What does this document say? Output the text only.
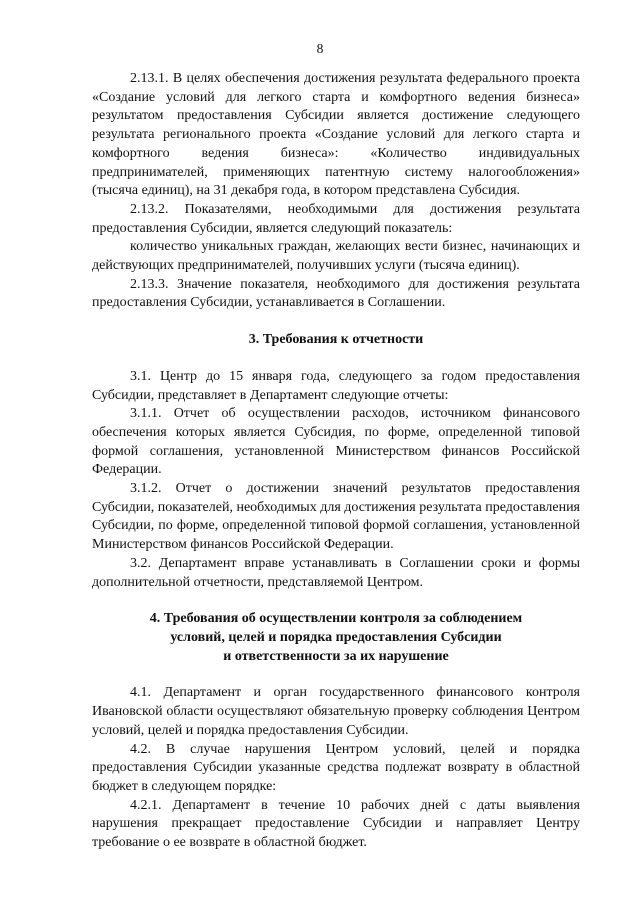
8

2.13.1. В целях обеспечения достижения результата федерального проекта «Создание условий для легкого старта и комфортного ведения бизнеса» результатом предоставления Субсидии является достижение следующего результата регионального проекта «Создание условий для легкого старта и комфортного ведения бизнеса»: «Количество индивидуальных предпринимателей, применяющих патентную систему налогообложения» (тысяча единиц), на 31 декабря года, в котором представлена Субсидия.

2.13.2. Показателями, необходимыми для достижения результата предоставления Субсидии, является следующий показатель:

количество уникальных граждан, желающих вести бизнес, начинающих и действующих предпринимателей, получивших услуги (тысяча единиц).

2.13.3. Значение показателя, необходимого для достижения результата предоставления Субсидии, устанавливается в Соглашении.

3. Требования к отчетности

3.1. Центр до 15 января года, следующего за годом предоставления Субсидии, представляет в Департамент следующие отчеты:

3.1.1. Отчет об осуществлении расходов, источником финансового обеспечения которых является Субсидия, по форме, определенной типовой формой соглашения, установленной Министерством финансов Российской Федерации.

3.1.2. Отчет о достижении значений результатов предоставления Субсидии, показателей, необходимых для достижения результата предоставления Субсидии, по форме, определенной типовой формой соглашения, установленной Министерством финансов Российской Федерации.

3.2. Департамент вправе устанавливать в Соглашении сроки и формы дополнительной отчетности, представляемой Центром.

4. Требования об осуществлении контроля за соблюдением
условий, целей и порядка предоставления Субсидии
и ответственности за их нарушение

4.1. Департамент и орган государственного финансового контроля Ивановской области осуществляют обязательную проверку соблюдения Центром условий, целей и порядка предоставления Субсидии.

4.2. В случае нарушения Центром условий, целей и порядка предоставления Субсидии указанные средства подлежат возврату в областной бюджет в следующем порядке:

4.2.1. Департамент в течение 10 рабочих дней с даты выявления нарушения прекращает предоставление Субсидии и направляет Центру требование о ее возврате в областной бюджет.
